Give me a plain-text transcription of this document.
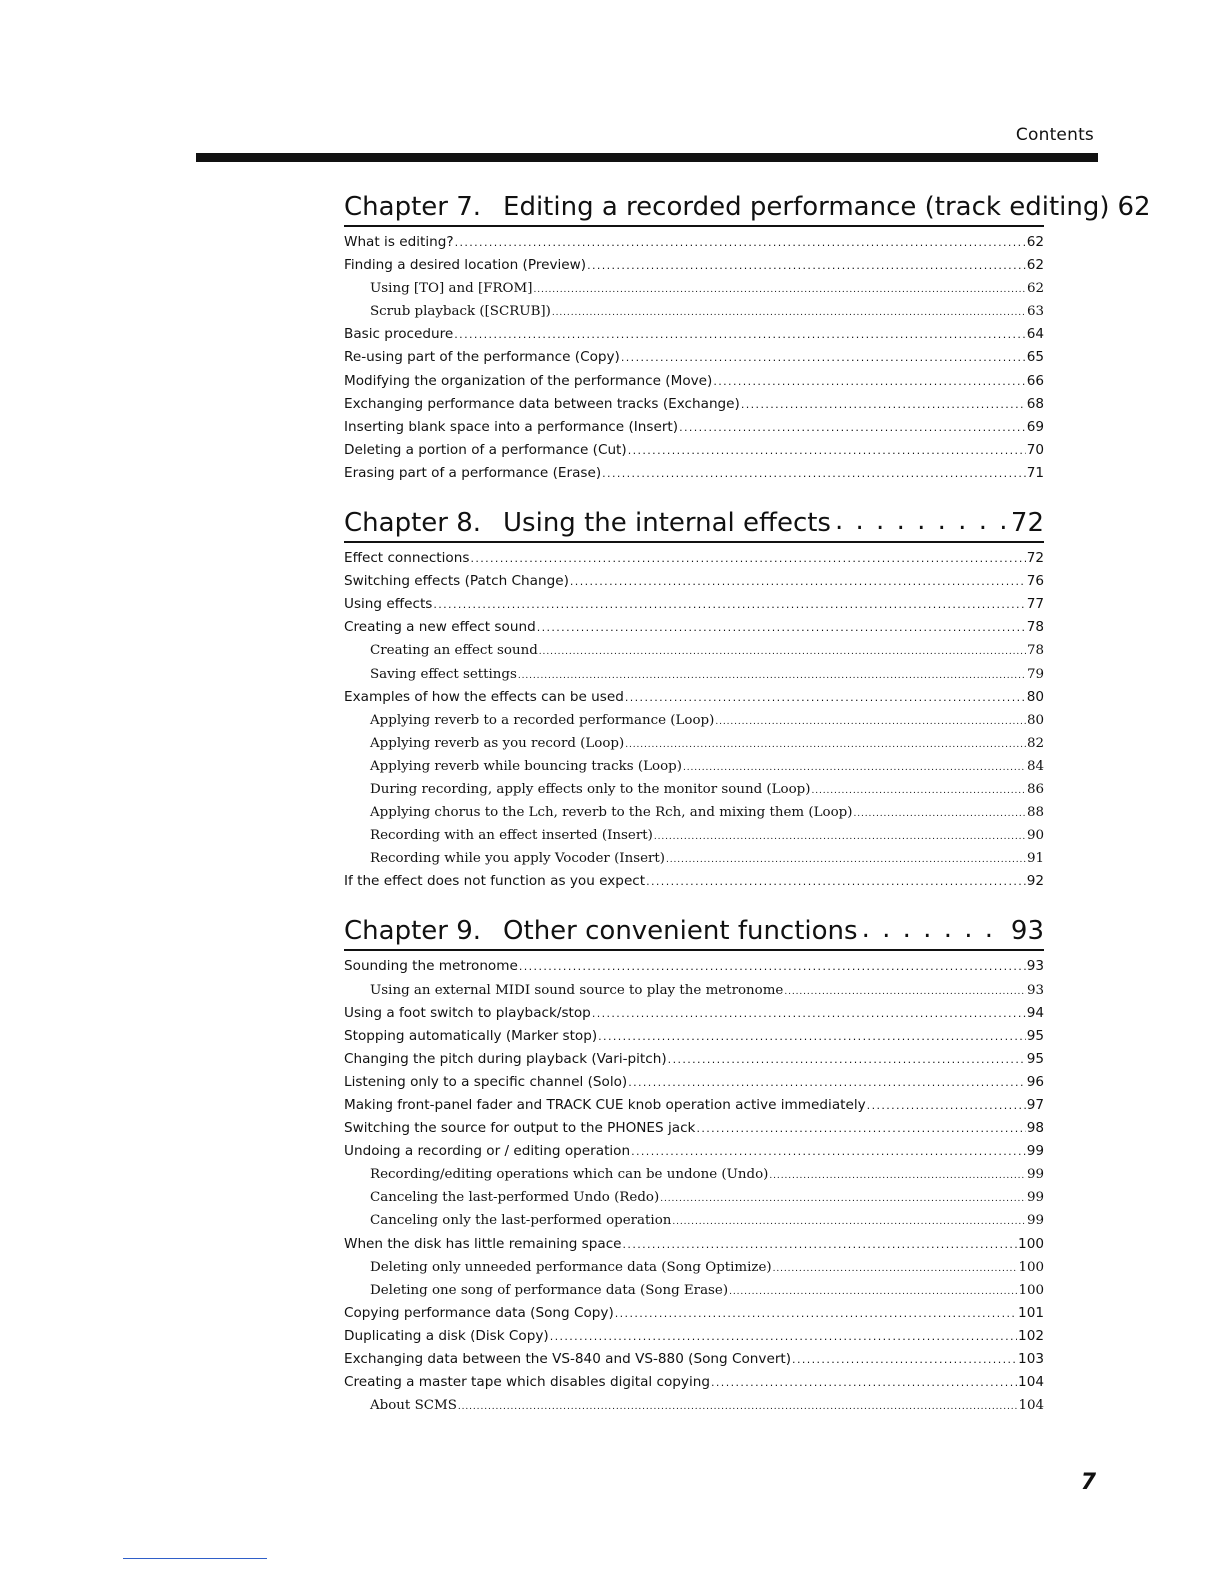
Contents
Chapter 7. Editing a recorded performance (track editing) 62
What is editing? .....	62
Finding a desired location (Preview) .....	62
Using [TO] and [FROM] .....	62
Scrub playback ([SCRUB]) .....	63
Basic procedure .....	64
Re-using part of the performance (Copy) .....	65
Modifying the organization of the performance (Move) .....	66
Exchanging performance data between tracks (Exchange) .....	68
Inserting blank space into a performance (Insert) .....	69
Deleting a portion of a performance (Cut) .....	70
Erasing part of a performance (Erase) .....	71
Chapter 8. Using the internal effects . . .	72
Effect connections .....	72
Switching effects (Patch Change) .....	76
Using effects .....	77
Creating a new effect sound .....	78
Creating an effect sound .....	78
Saving effect settings .....	79
Examples of how the effects can be used .....	80
Applying reverb to a recorded performance (Loop) .....	80
Applying reverb as you record (Loop) .....	82
Applying reverb while bouncing tracks (Loop) .....	84
During recording, apply effects only to the monitor sound (Loop) .....	86
Applying chorus to the Lch, reverb to the Rch, and mixing them (Loop) .....	88
Recording with an effect inserted (Insert) .....	90
Recording while you apply Vocoder (Insert) .....	91
If the effect does not function as you expect .....	92
Chapter 9. Other convenient functions . . .	93
Sounding the metronome .....	93
Using an external MIDI sound source to play the metronome .....	93
Using a foot switch to playback/stop .....	94
Stopping automatically (Marker stop) .....	95
Changing the pitch during playback (Vari-pitch) .....	95
Listening only to a specific channel (Solo) .....	96
Making front-panel fader and TRACK CUE knob operation active immediately .....	97
Switching the source for output to the PHONES jack .....	98
Undoing a recording or / editing operation .....	99
Recording/editing operations which can be undone (Undo) .....	99
Canceling the last-performed Undo (Redo) .....	99
Canceling only the last-performed operation .....	99
When the disk has little remaining space .....	100
Deleting only unneeded performance data (Song Optimize) .....	100
Deleting one song of performance data (Song Erase) .....	100
Copying performance data (Song Copy) .....	101
Duplicating a disk (Disk Copy) .....	102
Exchanging data between the VS-840 and VS-880 (Song Convert) .....	103
Creating a master tape which disables digital copying .....	104
About SCMS .....	104
7
